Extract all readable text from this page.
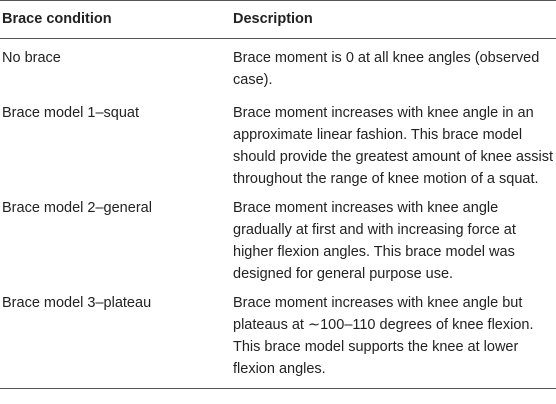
Brace condition	Description
No brace	Brace moment is 0 at all knee angles (observed case).
Brace model 1–squat	Brace moment increases with knee angle in an approximate linear fashion. This brace model should provide the greatest amount of knee assist throughout the range of knee motion of a squat.
Brace model 2–general	Brace moment increases with knee angle gradually at first and with increasing force at higher flexion angles. This brace model was designed for general purpose use.
Brace model 3–plateau	Brace moment increases with knee angle but plateaus at ∼100–110 degrees of knee flexion. This brace model supports the knee at lower flexion angles.
